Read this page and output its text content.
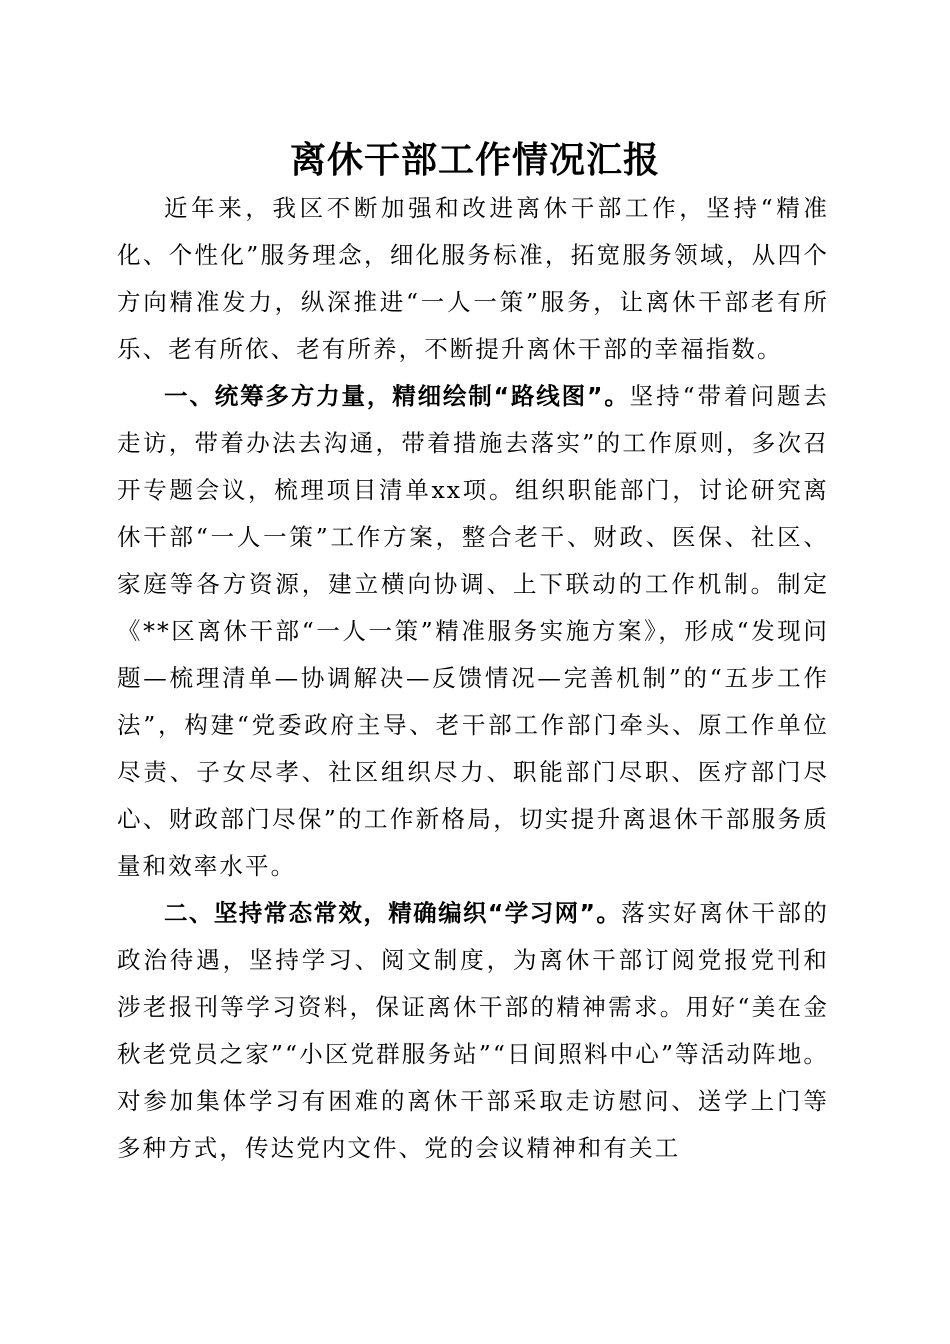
离休干部工作情况汇报

近年来，我区不断加强和改进离休干部工作，坚持“精准化、个性化”服务理念，细化服务标准，拓宽服务领域，从四个方向精准发力，纵深推进“一人一策”服务，让离休干部老有所乐、老有所依、老有所养，不断提升离休干部的幸福指数。

一、统筹多方力量，精细绘制“路线图”。坚持“带着问题去走访，带着办法去沟通，带着措施去落实”的工作原则，多次召开专题会议，梳理项目清单xx项。组织职能部门，讨论研究离休干部“一人一策”工作方案，整合老干、财政、医保、社区、家庭等各方资源，建立横向协调、上下联动的工作机制。制定《**区离休干部“一人一策”精准服务实施方案》，形成“发现问题—梳理清单—协调解决—反馈情况—完善机制”的“五步工作法”，构建“党委政府主导、老干部工作部门牵头、原工作单位尽责、子女尽孝、社区组织尽力、职能部门尽职、医疗部门尽心、财政部门尽保”的工作新格局，切实提升离退休干部服务质量和效率水平。

二、坚持常态常效，精确编织“学习网”。落实好离休干部的政治待遇，坚持学习、阅文制度，为离休干部订阅党报党刊和涉老报刊等学习资料，保证离休干部的精神需求。用好“美在金秋老党员之家”“小区党群服务站”“日间照料中心”等活动阵地。对参加集体学习有困难的离休干部采取走访慰问、送学上门等多种方式，传达党内文件、党的会议精神和有关工
